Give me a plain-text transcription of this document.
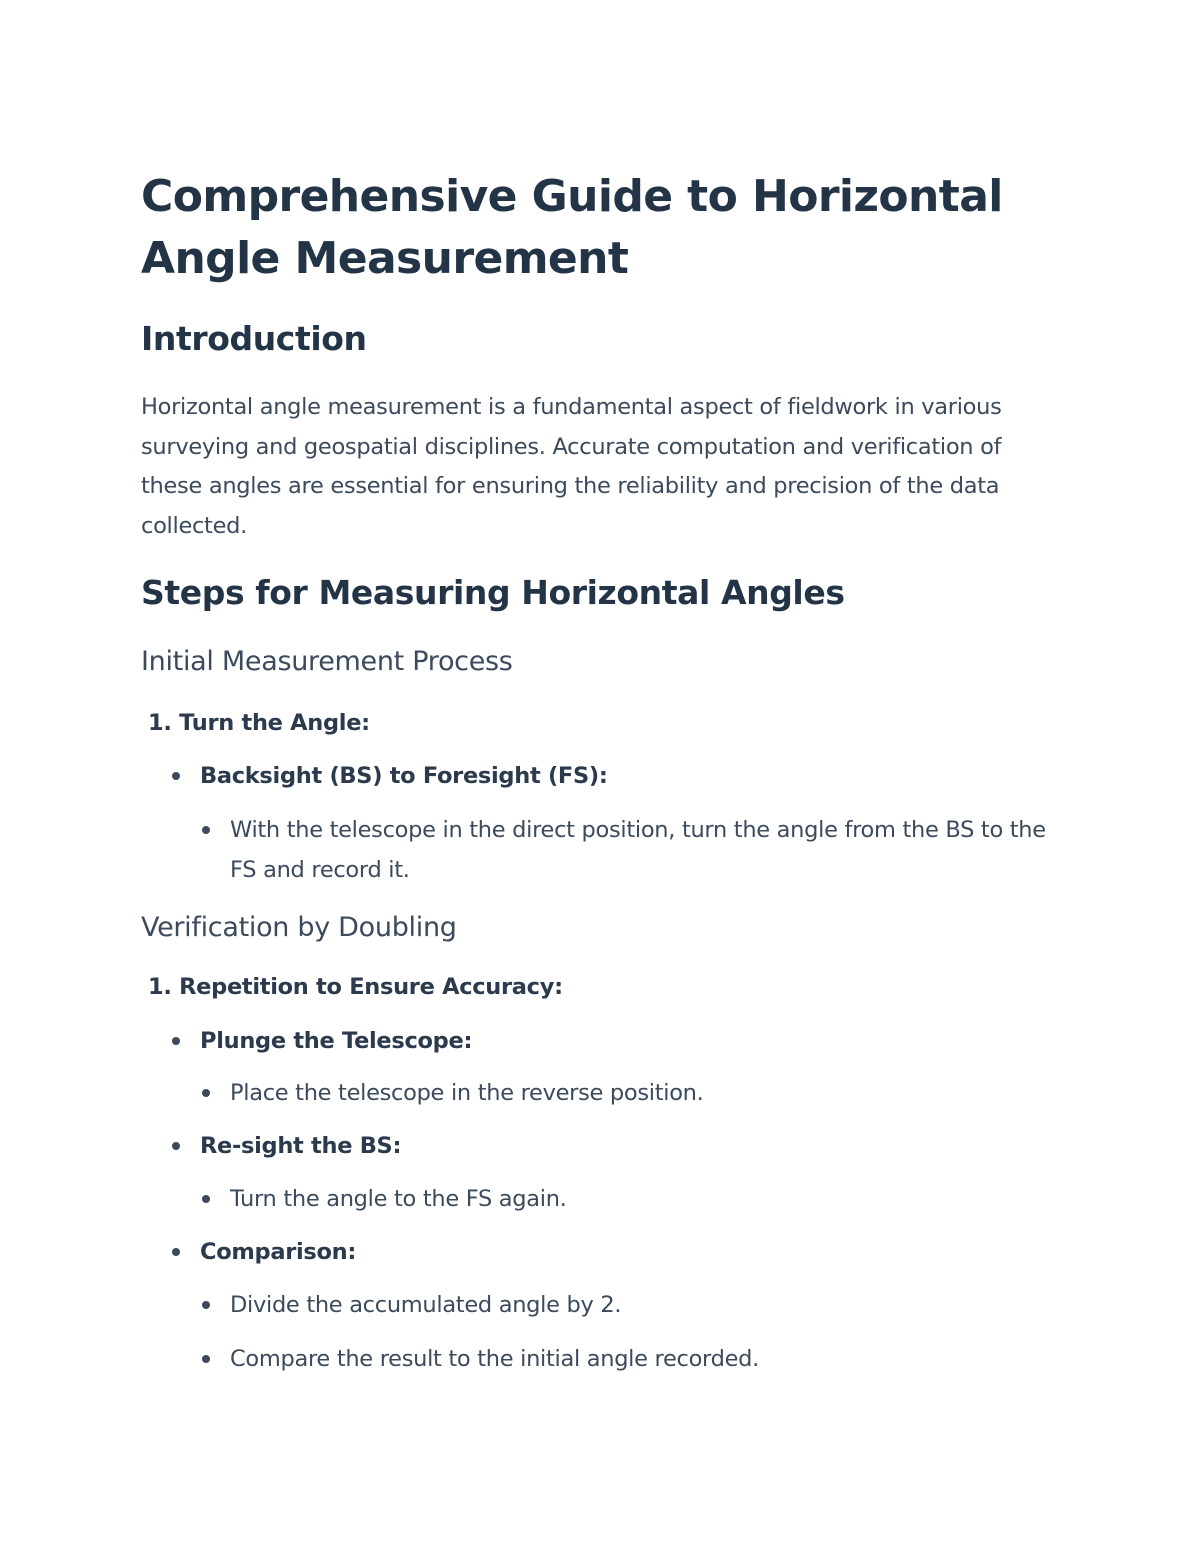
Comprehensive Guide to Horizontal Angle Measurement
Introduction

Horizontal angle measurement is a fundamental aspect of fieldwork in various surveying and geospatial disciplines. Accurate computation and verification of these angles are essential for ensuring the reliability and precision of the data collected.

Steps for Measuring Horizontal Angles
Initial Measurement Process
1. Turn the Angle:
Backsight (BS) to Foresight (FS):
With the telescope in the direct position, turn the angle from the BS to the FS and record it.
Verification by Doubling
1. Repetition to Ensure Accuracy:
Plunge the Telescope:
Place the telescope in the reverse position.
Re-sight the BS:
Turn the angle to the FS again.
Comparison:
Divide the accumulated angle by 2.
Compare the result to the initial angle recorded.
